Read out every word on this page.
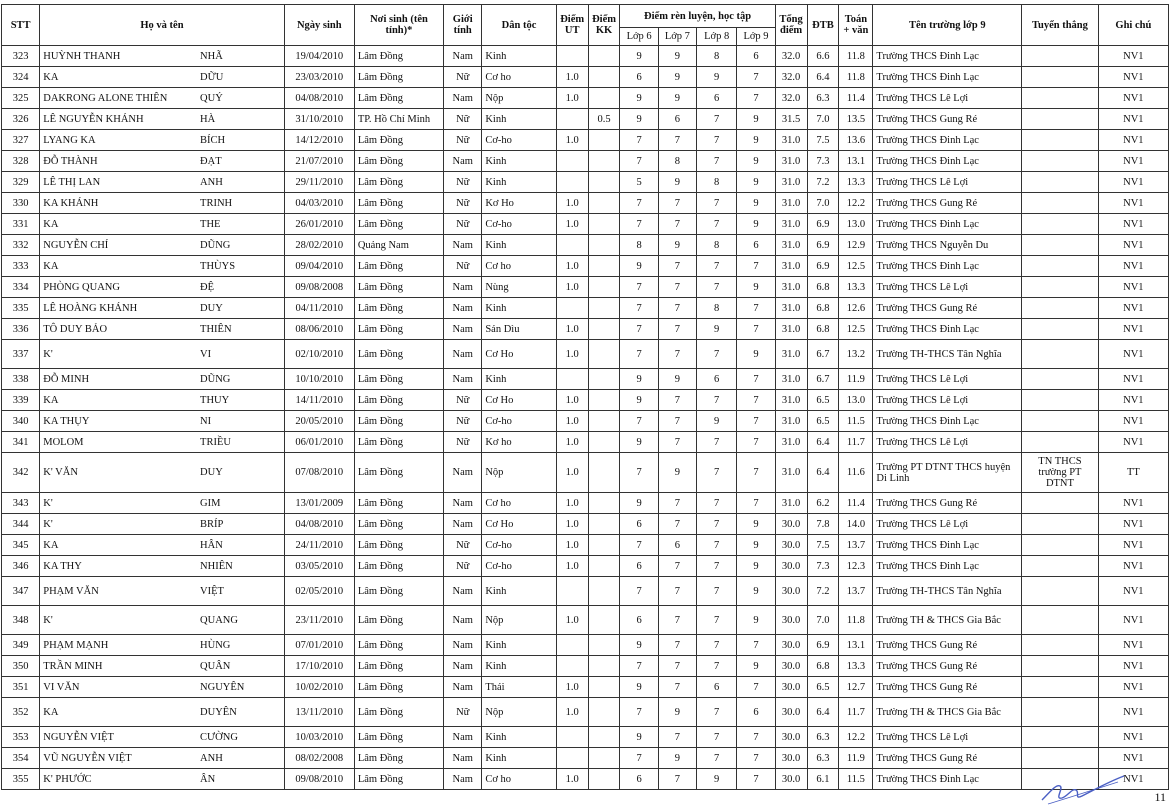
STT	Họ và tên		Ngày sinh	Nơi sinh (tên tỉnh)*	Giới tính	Dân tộc	Điểm UT	Điểm KK	Điểm rèn luyện, học tập				Tổng điểm	ĐTB	Toán + văn	Tên trường lớp 9	Tuyển thẳng	Ghi chú
									Lớp 6	Lớp 7	Lớp 8	Lớp 9						
323	HUỲNH THANH	NHÃ	19/04/2010	Lâm Đồng	Nam	Kinh			9	9	8	6	32.0	6.6	11.8	Trường THCS Đinh Lạc		NV1
324	KA	DỮU	23/03/2010	Lâm Đồng	Nữ	Cơ ho	1.0		6	9	9	7	32.0	6.4	11.8	Trường THCS Đinh Lạc		NV1
325	DAKRONG ALONE THIÊN	QUÝ	04/08/2010	Lâm Đồng	Nam	Nộp	1.0		9	9	6	7	32.0	6.3	11.4	Trường THCS Lê Lợi		NV1
326	LÊ NGUYỄN KHÁNH	HÀ	31/10/2010	TP. Hồ Chí Minh	Nữ	Kinh		0.5	9	6	7	9	31.5	7.0	13.5	Trường THCS Gung Ré		NV1
327	LYANG KA	BÍCH	14/12/2010	Lâm Đồng	Nữ	Cơ-ho	1.0		7	7	7	9	31.0	7.5	13.6	Trường THCS Đinh Lạc		NV1
328	ĐỖ THÀNH	ĐẠT	21/07/2010	Lâm Đồng	Nam	Kinh			7	8	7	9	31.0	7.3	13.1	Trường THCS Đinh Lạc		NV1
329	LÊ THỊ LAN	ANH	29/11/2010	Lâm Đồng	Nữ	Kinh			5	9	8	9	31.0	7.2	13.3	Trường THCS Lê Lợi		NV1
330	KA KHÁNH	TRINH	04/03/2010	Lâm Đồng	Nữ	Kơ Ho	1.0		7	7	7	9	31.0	7.0	12.2	Trường THCS Gung Ré		NV1
331	KA	THE	26/01/2010	Lâm Đồng	Nữ	Cơ-ho	1.0		7	7	7	9	31.0	6.9	13.0	Trường THCS Đinh Lạc		NV1
332	NGUYỄN CHÍ	DŨNG	28/02/2010	Quảng Nam	Nam	Kinh			8	9	8	6	31.0	6.9	12.9	Trường THCS Nguyễn Du		NV1
333	KA	THÙYS	09/04/2010	Lâm Đồng	Nữ	Cơ ho	1.0		9	7	7	7	31.0	6.9	12.5	Trường THCS Đinh Lạc		NV1
334	PHÒNG QUANG	ĐỆ	09/08/2008	Lâm Đồng	Nam	Nùng	1.0		7	7	7	9	31.0	6.8	13.3	Trường THCS Lê Lợi		NV1
335	LÊ HOÀNG KHÁNH	DUY	04/11/2010	Lâm Đồng	Nam	Kinh			7	7	8	7	31.0	6.8	12.6	Trường THCS Gung Ré		NV1
336	TÔ DUY BẢO	THIÊN	08/06/2010	Lâm Đồng	Nam	Sán Dìu	1.0		7	7	9	7	31.0	6.8	12.5	Trường THCS Đinh Lạc		NV1
337	K'	VI	02/10/2010	Lâm Đồng	Nam	Cơ Ho	1.0		7	7	7	9	31.0	6.7	13.2	Trường TH-THCS Tân Nghĩa		NV1
338	ĐỖ MINH	DŨNG	10/10/2010	Lâm Đồng	Nam	Kinh			9	9	6	7	31.0	6.7	11.9	Trường THCS Lê Lợi		NV1
339	KA	THUY	14/11/2010	Lâm Đồng	Nữ	Cơ Ho	1.0		9	7	7	7	31.0	6.5	13.0	Trường THCS Lê Lợi		NV1
340	KA THỤY	NI	20/05/2010	Lâm Đồng	Nữ	Cơ-ho	1.0		7	7	9	7	31.0	6.5	11.5	Trường THCS Đinh Lạc		NV1
341	MOLOM	TRIỀU	06/01/2010	Lâm Đồng	Nữ	Kơ ho	1.0		9	7	7	7	31.0	6.4	11.7	Trường THCS Lê Lợi		NV1
342	K' VĂN	DUY	07/08/2010	Lâm Đồng	Nam	Nộp	1.0		7	9	7	7	31.0	6.4	11.6	Trường PT DTNT THCS huyện Di Linh	TN THCS trường PT DTNT	TT
343	K'	GIM	13/01/2009	Lâm Đồng	Nam	Cơ ho	1.0		9	7	7	7	31.0	6.2	11.4	Trường THCS Gung Ré		NV1
344	K'	BRÍP	04/08/2010	Lâm Đồng	Nam	Cơ Ho	1.0		6	7	7	9	30.0	7.8	14.0	Trường THCS Lê Lợi		NV1
345	KA	HÂN	24/11/2010	Lâm Đồng	Nữ	Cơ-ho	1.0		7	6	7	9	30.0	7.5	13.7	Trường THCS Đinh Lạc		NV1
346	KA THY	NHIÊN	03/05/2010	Lâm Đồng	Nữ	Cơ-ho	1.0		6	7	7	9	30.0	7.3	12.3	Trường THCS Đinh Lạc		NV1
347	PHẠM VĂN	VIỆT	02/05/2010	Lâm Đồng	Nam	Kinh			7	7	7	9	30.0	7.2	13.7	Trường TH-THCS Tân Nghĩa		NV1
348	K'	QUANG	23/11/2010	Lâm Đồng	Nam	Nộp	1.0		6	7	7	9	30.0	7.0	11.8	Trường TH & THCS Gia Bắc		NV1
349	PHẠM MẠNH	HÙNG	07/01/2010	Lâm Đồng	Nam	Kinh			9	7	7	7	30.0	6.9	13.1	Trường THCS Gung Ré		NV1
350	TRẦN MINH	QUÂN	17/10/2010	Lâm Đồng	Nam	Kinh			7	7	7	9	30.0	6.8	13.3	Trường THCS Gung Ré		NV1
351	VI VĂN	NGUYÊN	10/02/2010	Lâm Đồng	Nam	Thái	1.0		9	7	6	7	30.0	6.5	12.7	Trường THCS Gung Ré		NV1
352	KA	DUYÊN	13/11/2010	Lâm Đồng	Nữ	Nộp	1.0		7	9	7	6	30.0	6.4	11.7	Trường TH & THCS Gia Bắc		NV1
353	NGUYỄN VIỆT	CƯỜNG	10/03/2010	Lâm Đồng	Nam	Kinh			9	7	7	7	30.0	6.3	12.2	Trường THCS Lê Lợi		NV1
354	VŨ NGUYỄN VIỆT	ANH	08/02/2008	Lâm Đồng	Nam	Kinh			7	9	7	7	30.0	6.3	11.9	Trường THCS Gung Ré		NV1
355	K' PHƯỚC	ÂN	09/08/2010	Lâm Đồng	Nam	Cơ ho	1.0		6	7	9	7	30.0	6.1	11.5	Trường THCS Đinh Lạc		NV1
11
